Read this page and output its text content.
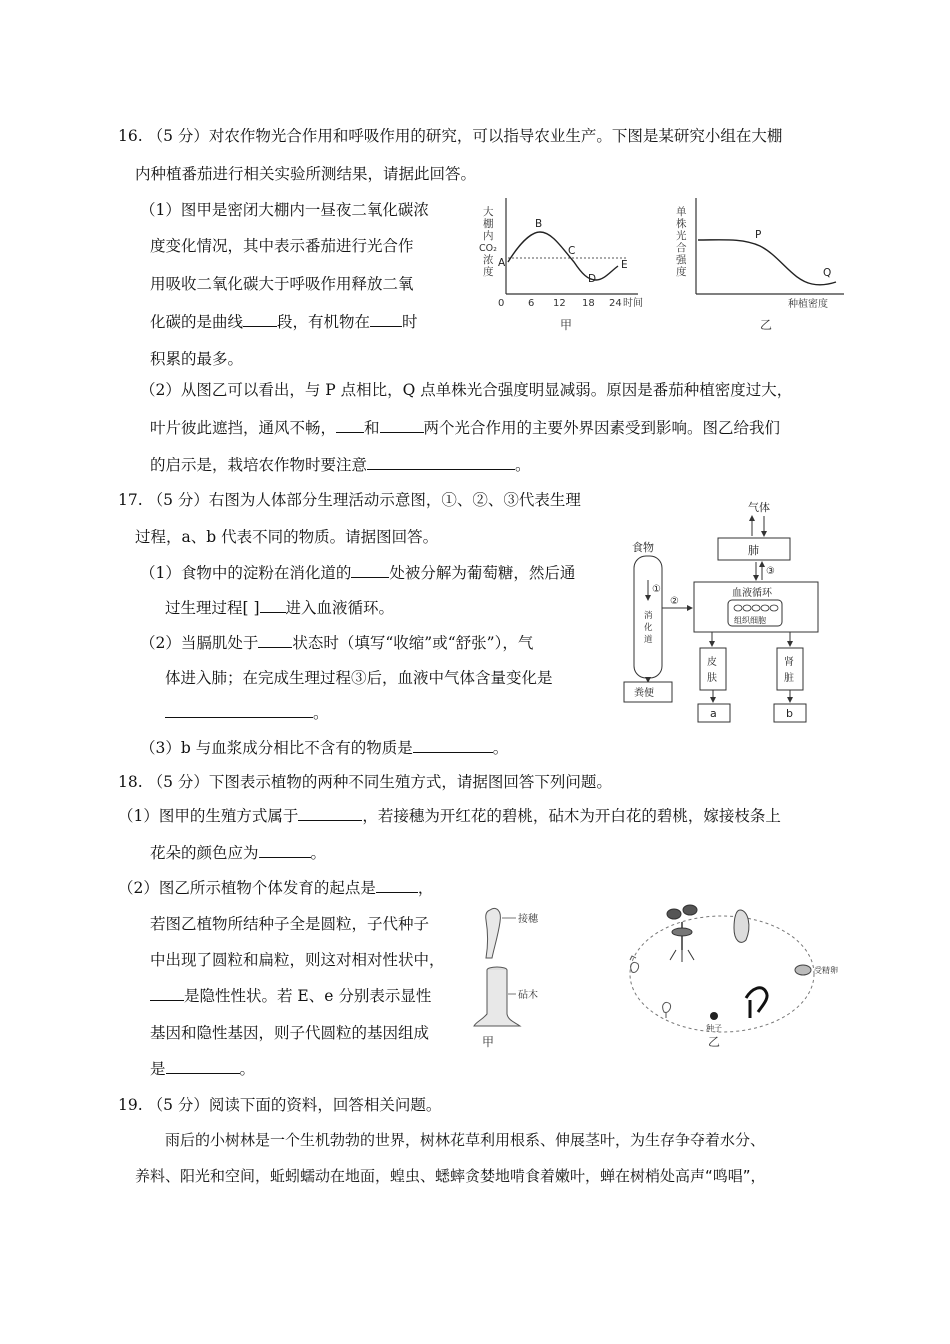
16. （5 分）对农作物光合作用和呼吸作用的研究，可以指导农业生产。下图是某研究小组在大棚
内种植番茄进行相关实验所测结果，请据此回答。
（1）图甲是密闭大棚内一昼夜二氧化碳浓
度变化情况，其中表示番茄进行光合作
用吸收二氧化碳大于呼吸作用释放二氧
化碳的是曲线 段，有机物在 时
积累的最多。
大
棚
内
CO₂
浓
度
A
B
C
D
E
0 6 12 18 24 时间
甲
单
株
光
合
强
度
P
Q
种植密度
乙
（2）从图乙可以看出，与 P 点相比，Q 点单株光合强度明显减弱。原因是番茄种植密度过大，
叶片彼此遮挡，通风不畅， 和	两个光合作用的主要外界因素受到影响。图乙给我们
的启示是，栽培农作物时要注意	。
17. （5 分）右图为人体部分生理活动示意图，①、②、③代表生理
过程，a、b 代表不同的物质。请据图回答。
（1）食物中的淀粉在消化道的 处被分解为葡萄糖，然后通
过生理过程[ ] 进入血液循环。
（2）当膈肌处于 状态时（填写“收缩”或“舒张”），气
体进入肺；在完成生理过程③后，血液中气体含量变化是
。
（3）b 与血浆成分相比不含有的物质是	。
气体
肺
③
食物
①
消
化
道
②
血液循环
组织细胞
皮
肤
肾
脏
粪便
a	b
18. （5 分）下图表示植物的两种不同生殖方式，请据图回答下列问题。
（1）图甲的生殖方式属于	，若接穗为开红花的碧桃，砧木为开白花的碧桃，嫁接枝条上
花朵的颜色应为	。
（2）图乙所示植物个体发育的起点是	，
若图乙植物所结种子全是圆粒，子代种子
中出现了圆粒和扁粒，则这对相对性状中，
是隐性性状。若 E、e 分别表示显性
基因和隐性基因，则子代圆粒的基因组成
是	。
接穗
砧木
甲
受精卵
种子
乙
19. （5 分）阅读下面的资料，回答相关问题。
雨后的小树林是一个生机勃勃的世界，树林花草利用根系、伸展茎叶，为生存争夺着水分、
养料、阳光和空间，蚯蚓蠕动在地面，蝗虫、蟋蟀贪婪地啃食着嫩叶，蝉在树梢处高声“鸣唱”，
